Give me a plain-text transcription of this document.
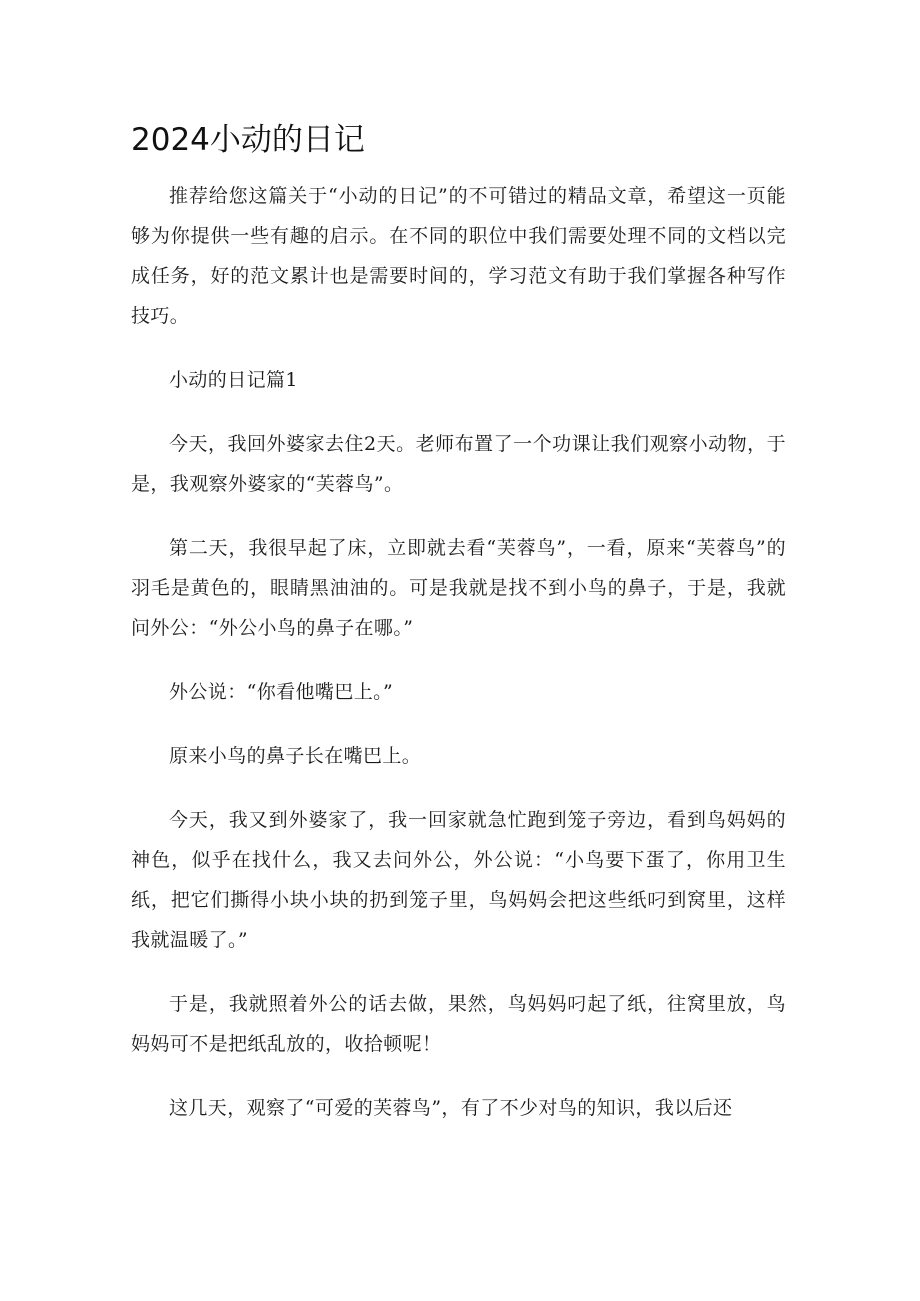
2024小动的日记

推荐给您这篇关于“小动的日记”的不可错过的精品文章，希望这一页能够为你提供一些有趣的启示。在不同的职位中我们需要处理不同的文档以完成任务，好的范文累计也是需要时间的，学习范文有助于我们掌握各种写作技巧。

小动的日记篇1

今天，我回外婆家去住2天。老师布置了一个功课让我们观察小动物，于是，我观察外婆家的“芙蓉鸟”。

第二天，我很早起了床，立即就去看“芙蓉鸟”，一看，原来“芙蓉鸟”的羽毛是黄色的，眼睛黑油油的。可是我就是找不到小鸟的鼻子，于是，我就问外公：“外公小鸟的鼻子在哪。”

外公说：“你看他嘴巴上。”

原来小鸟的鼻子长在嘴巴上。

今天，我又到外婆家了，我一回家就急忙跑到笼子旁边，看到鸟妈妈的神色，似乎在找什么，我又去问外公，外公说：“小鸟要下蛋了，你用卫生纸，把它们撕得小块小块的扔到笼子里，鸟妈妈会把这些纸叼到窝里，这样我就温暖了。”

于是，我就照着外公的话去做，果然，鸟妈妈叼起了纸，往窝里放，鸟妈妈可不是把纸乱放的，收拾顿呢！

这几天，观察了“可爱的芙蓉鸟”，有了不少对鸟的知识，我以后还
